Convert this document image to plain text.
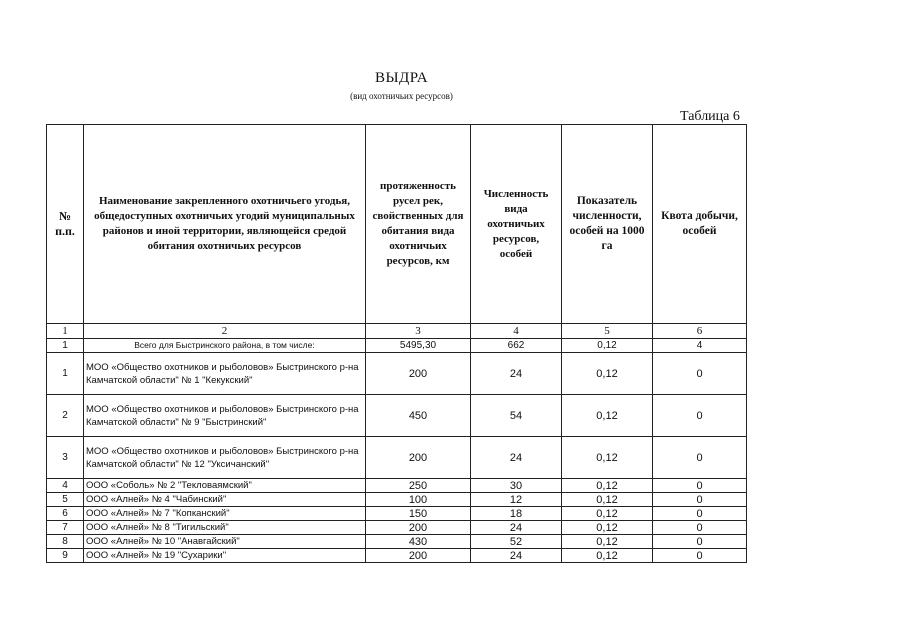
ВЫДРА
(вид охотничьих ресурсов)
Таблица 6
№ п.п.	Наименование закрепленного охотничьего угодья, общедоступных охотничьих угодий муниципальных районов и иной территории, являющейся средой обитания охотничьих ресурсов	протяженность русел рек, свойственных для обитания вида охотничьих ресурсов, км	Численность вида охотничьих ресурсов, особей	Показатель численности, особей на 1000 га	Квота добычи, особей
1	2	3	4	5	6
1	Всего для Быстринского района, в том числе:	5495,30	662	0,12	4
1	МОО «Общество охотников и рыболовов» Быстринского р-на Камчатской области" № 1 "Кекукский"	200	24	0,12	0
2	МОО «Общество охотников и рыболовов» Быстринского р-на Камчатской области" № 9 "Быстринский"	450	54	0,12	0
3	МОО «Общество охотников и рыболовов» Быстринского р-на Камчатской области" № 12 "Уксичанский"	200	24	0,12	0
4	ООО «Соболь» № 2 "Текловаямский"	250	30	0,12	0
5	ООО «Алней» № 4 "Чабинский"	100	12	0,12	0
6	ООО «Алней» № 7 "Копканский"	150	18	0,12	0
7	ООО «Алней» № 8 "Тигильский"	200	24	0,12	0
8	ООО «Алней» № 10 "Анавгайский"	430	52	0,12	0
9	ООО «Алней» № 19 "Сухарики"	200	24	0,12	0
